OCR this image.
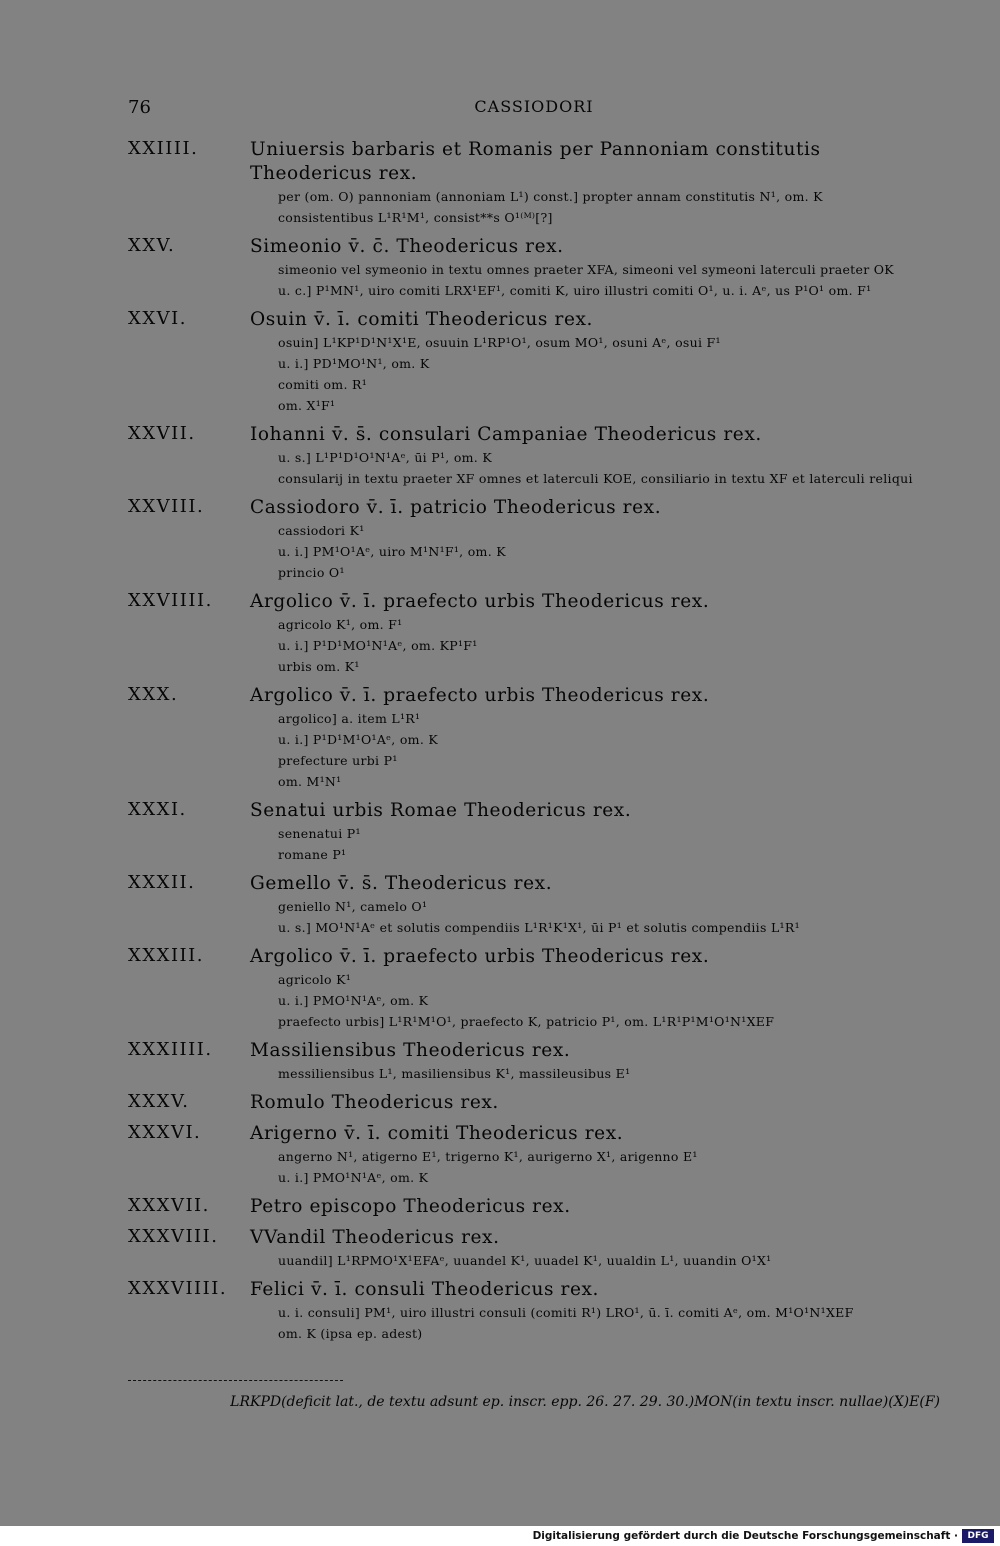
76	CASSIODORI
XXIIII.	Uniuersis barbaris et Romanis per Pannoniam constitutis Theodericus rex.
per (om. O) pannoniam (annoniam L¹) const.] propter annam constitutis N¹, om. K
consistentibus L¹R¹M¹, consist**s O¹⁽ᴹ⁾[?]
XXV.	Simeonio v̄. c̄. Theodericus rex.
simeonio vel symeonio in textu omnes praeter XFA, simeoni vel symeoni laterculi praeter OK
u. c.] P¹MN¹, uiro comiti LRX¹EF¹, comiti K, uiro illustri comiti O¹, u. i. Aᵉ, us P¹O¹ om. F¹
XXVI.	Osuin v̄. ī. comiti Theodericus rex.
osuin] L¹KP¹D¹N¹X¹E, osuuin L¹RP¹O¹, osum MO¹, osuni Aᵉ, osui F¹
u. i.] PD¹MO¹N¹, om. K
comiti om. R¹
om. X¹F¹
XXVII.	Iohanni v̄. s̄. consulari Campaniae Theodericus rex.
u. s.] L¹P¹D¹O¹N¹Aᵉ, ūi P¹, om. K
consularij in textu praeter XF omnes et laterculi KOE, consiliario in textu XF et laterculi reliqui
XXVIII. Cassiodoro v̄. ī. patricio Theodericus rex.
cassiodori K¹
u. i.] PM¹O¹Aᵉ, uiro M¹N¹F¹, om. K
princio O¹
XXVIIII. Argolico v̄. ī. praefecto urbis Theodericus rex.
agricolo K¹, om. F¹
u. i.] P¹D¹MO¹N¹Aᵉ, om. KP¹F¹
urbis om. K¹
XXX.	Argolico v̄. ī. praefecto urbis Theodericus rex.
argolico] a. item L¹R¹
u. i.] P¹D¹M¹O¹Aᵉ, om. K
prefecture urbi P¹
om. M¹N¹
XXXI.	Senatui urbis Romae Theodericus rex.
senenatui P¹
romane P¹
XXXII.	Gemello v̄. s̄. Theodericus rex.
geniello N¹, camelo O¹
u. s.] MO¹N¹Aᵉ et solutis compendiis L¹R¹K¹X¹, ūi P¹ et solutis compendiis L¹R¹
XXXIII. Argolico v̄. ī. praefecto urbis Theodericus rex.
agricolo K¹
u. i.] PMO¹N¹Aᵉ, om. K
praefecto urbis] L¹R¹M¹O¹, praefecto K, patricio P¹, om. L¹R¹P¹M¹O¹N¹XEF
XXXIIII. Massiliensibus Theodericus rex.
messiliensibus L¹, masiliensibus K¹, massileusibus E¹
XXXV.	Romulo Theodericus rex.
XXXVI.	Arigerno v̄. ī. comiti Theodericus rex.
angerno N¹, atigerno E¹, trigerno K¹, aurigerno X¹, arigenno E¹
u. i.] PMO¹N¹Aᵉ, om. K
XXXVII. Petro episcopo Theodericus rex.
XXXVIII. VVandil Theodericus rex.
uuandil] L¹RPMO¹X¹EFAᵉ, uuandel K¹, uuadel K¹, uualdin L¹, uuandin O¹X¹
XXXVIIII. Felici v̄. ī. consuli Theodericus rex.
u. i. consuli] PM¹, uiro illustri consuli (comiti R¹) LRO¹, ū. ī. comiti Aᵉ, om. M¹O¹N¹XEF
om. K (ipsa ep. adest)
LRKPD(deficit lat., de textu adsunt ep. inscr. epp. 26. 27. 29. 30.)MON(in textu inscr. nullae)(X)E(F)
Digitalisierung gefördert durch die Deutsche Forschungsgemeinschaft ·	DFG
